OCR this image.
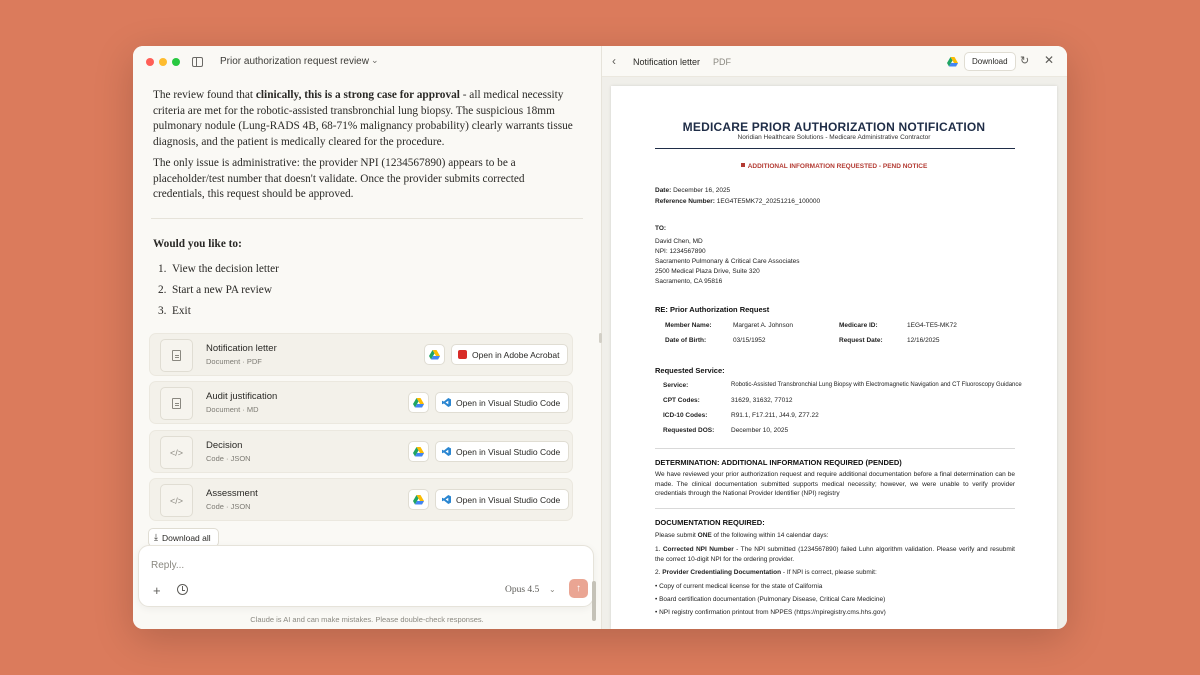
Prior authorization request review ⌄

The review found that clinically, this is a strong case for approval - all medical necessity criteria are met for the robotic-assisted transbronchial lung biopsy. The suspicious 18mm pulmonary nodule (Lung-RADS 4B, 68-71% malignancy probability) clearly warrants tissue diagnosis, and the patient is medically cleared for the procedure.

The only issue is administrative: the provider NPI (1234567890) appears to be a placeholder/test number that doesn't validate. Once the provider submits corrected credentials, this request should be approved.

Would you like to:
1. View the decision letter
2. Start a new PA review
3. Exit
Notification letter
Document · PDF
Open in Adobe Acrobat
Audit justification
Document · MD
Open in Visual Studio Code
</>
Decision
Code · JSON
Open in Visual Studio Code
</>
Assessment
Code · JSON
Open in Visual Studio Code
⤓ Download all
Reply...
+	Opus 4.5 ⌄ ↑
Claude is AI and can make mistakes. Please double-check responses.
‹ Notification letter PDF	Download	↻ ✕
MEDICARE PRIOR AUTHORIZATION NOTIFICATION
Noridian Healthcare Solutions - Medicare Administrative Contractor
ADDITIONAL INFORMATION REQUESTED - PEND NOTICE
Date: December 16, 2025
Reference Number: 1EG4TE5MK72_20251216_100000
TO:
David Chen, MD
NPI: 1234567890
Sacramento Pulmonary & Critical Care Associates
2500 Medical Plaza Drive, Suite 320
Sacramento, CA 95816
RE: Prior Authorization Request
Member Name:	Margaret A. Johnson	Medicare ID:	1EG4-TE5-MK72
Date of Birth:	03/15/1952	Request Date:	12/16/2025
Requested Service:
Service:	Robotic-Assisted Transbronchial Lung Biopsy with Electromagnetic Navigation and CT Fluoroscopy Guidance
CPT Codes:	31629, 31632, 77012
ICD-10 Codes:	R91.1, F17.211, J44.9, Z77.22
Requested DOS:	December 10, 2025
DETERMINATION: ADDITIONAL INFORMATION REQUIRED (PENDED)
We have reviewed your prior authorization request and require additional documentation before a final determination can be made. The clinical documentation submitted supports medical necessity; however, we were unable to verify provider credentials through the National Provider Identifier (NPI) registry
DOCUMENTATION REQUIRED:
Please submit ONE of the following within 14 calendar days:
1. Corrected NPI Number - The NPI submitted (1234567890) failed Luhn algorithm validation. Please verify and resubmit the correct 10-digit NPI for the ordering provider.
2. Provider Credentialing Documentation - If NPI is correct, please submit:
• Copy of current medical license for the state of California
• Board certification documentation (Pulmonary Disease, Critical Care Medicine)
• NPI registry confirmation printout from NPPES (https://npiregistry.cms.hhs.gov)
